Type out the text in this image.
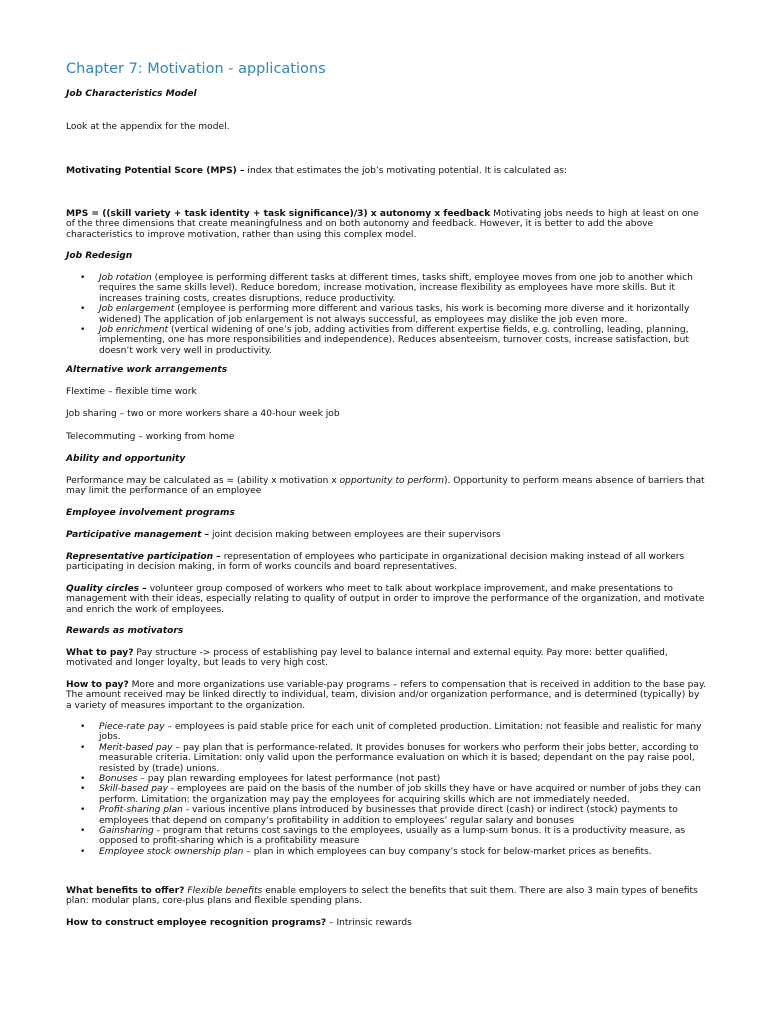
Chapter 7: Motivation - applications
Job Characteristics Model
Look at the appendix for the model.
Motivating Potential Score (MPS) – index that estimates the job’s motivating potential. It is calculated as:
MPS = ((skill variety + task identity + task significance)/3) x autonomy x feedback Motivating jobs needs to high at least on one of the three dimensions that create meaningfulness and on both autonomy and feedback. However, it is better to add the above characteristics to improve motivation, rather than using this complex model.
Job Redesign
• Job rotation (employee is performing different tasks at different times, tasks shift, employee moves from one job to another which requires the same skills level). Reduce boredom, increase motivation, increase flexibility as employees have more skills. But it increases training costs, creates disruptions, reduce productivity.
• Job enlargement (employee is performing more different and various tasks, his work is becoming more diverse and it horizontally widened) The application of job enlargement is not always successful, as employees may dislike the job even more.
• Job enrichment (vertical widening of one’s job, adding activities from different expertise fields, e.g. controlling, leading, planning, implementing, one has more responsibilities and independence). Reduces absenteeism, turnover costs, increase satisfaction, but doesn’t work very well in productivity.
Alternative work arrangements
Flextime – flexible time work
Job sharing – two or more workers share a 40-hour week job
Telecommuting – working from home
Ability and opportunity
Performance may be calculated as = (ability x motivation x opportunity to perform). Opportunity to perform means absence of barriers that may limit the performance of an employee
Employee involvement programs
Participative management – joint decision making between employees are their supervisors
Representative participation – representation of employees who participate in organizational decision making instead of all workers participating in decision making, in form of works councils and board representatives.
Quality circles – volunteer group composed of workers who meet to talk about workplace improvement, and make presentations to management with their ideas, especially relating to quality of output in order to improve the performance of the organization, and motivate and enrich the work of employees.
Rewards as motivators
What to pay? Pay structure -> process of establishing pay level to balance internal and external equity. Pay more: better qualified, motivated and longer loyalty, but leads to very high cost.
How to pay? More and more organizations use variable-pay programs – refers to compensation that is received in addition to the base pay. The amount received may be linked directly to individual, team, division and/or organization performance, and is determined (typically) by a variety of measures important to the organization.
• Piece-rate pay – employees is paid stable price for each unit of completed production. Limitation: not feasible and realistic for many jobs.
• Merit-based pay – pay plan that is performance-related. It provides bonuses for workers who perform their jobs better, according to measurable criteria. Limitation: only valid upon the performance evaluation on which it is based; dependant on the pay raise pool, resisted by (trade) unions.
• Bonuses – pay plan rewarding employees for latest performance (not past)
• Skill-based pay - employees are paid on the basis of the number of job skills they have or have acquired or number of jobs they can perform. Limitation: the organization may pay the employees for acquiring skills which are not immediately needed.
• Profit-sharing plan - various incentive plans introduced by businesses that provide direct (cash) or indirect (stock) payments to employees that depend on company’s profitability in addition to employees’ regular salary and bonuses
• Gainsharing - program that returns cost savings to the employees, usually as a lump-sum bonus. It is a productivity measure, as opposed to profit-sharing which is a profitability measure
• Employee stock ownership plan – plan in which employees can buy company’s stock for below-market prices as benefits.
What benefits to offer? Flexible benefits enable employers to select the benefits that suit them. There are also 3 main types of benefits plan: modular plans, core-plus plans and flexible spending plans.
How to construct employee recognition programs? – Intrinsic rewards
